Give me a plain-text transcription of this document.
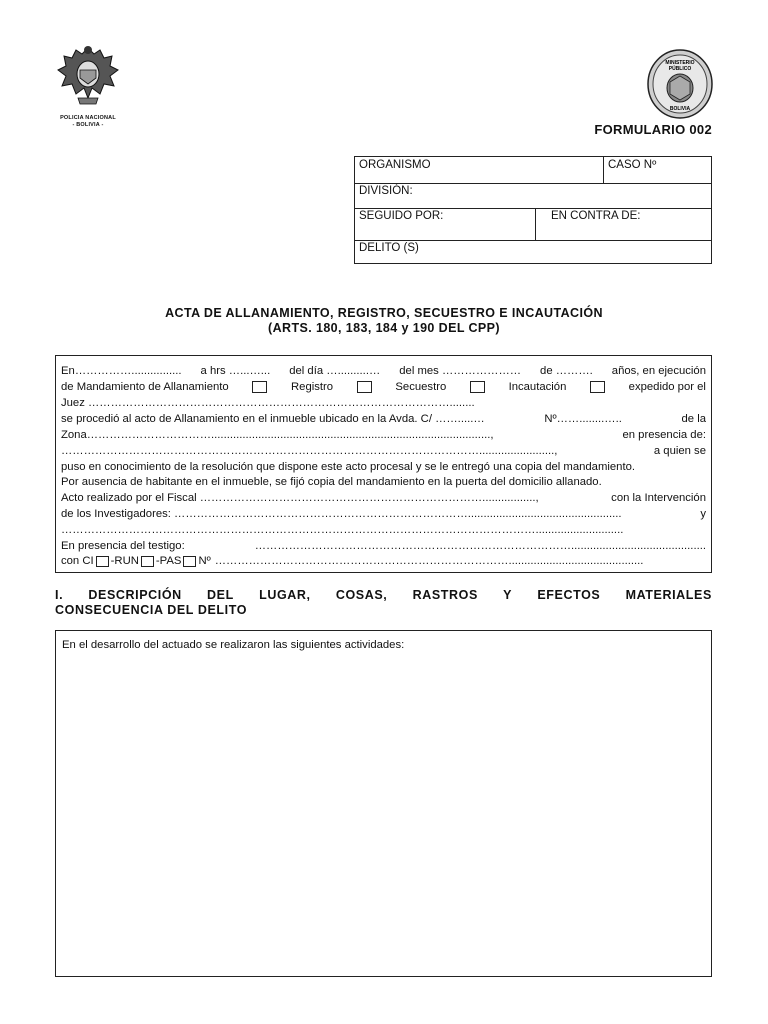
POLICIA NACIONAL
- BOLIVIA -
MINISTERIO
PÚBLICO
BOLIVIA
FORMULARIO 002
ORGANISMO	CASO Nº
DIVISIÓN:
SEGUIDO POR:	EN CONTRA DE:
DELITO (S)
ACTA DE ALLANAMIENTO, REGISTRO, SECUESTRO E INCAUTACIÓN
(ARTS. 180, 183, 184 y 190 DEL CPP)
En……………................ a hrs …...…... del día …..........… del mes ………………… de ………. años, en ejecución
de Mandamiento de Allanamiento	Registro	Secuestro	Incautación	expedido por el
Juez ……………………………………………………………………………………........
se procedió al acto de Allanamiento en el inmueble ubicado en la Avda. C/ …….....…	Nº……........…..	de la
Zona…………………………….........................................................................................,	en presencia de:
…………………………………………………………………………………………………........................,	a quien se
puso en conocimiento de la resolución que dispone este acto procesal y se le entregó una copia del mandamiento.
Por ausencia de habitante en el inmueble, se fijó copia del mandamiento en la puerta del domicilio allanado.
Acto realizado por el Fiscal ………………………………………………………………….................,	con la Intervención
de los Investigadores: …………………………………………………………………….................................................	y
………………………………………………………………………………………………………………............................
En presencia del testigo:	…………………………………………………………………………...........................................
con CI -RUN -PAS Nº ……………………………………………………………………...........................................
I. DESCRIPCIÓN DEL LUGAR, COSAS, RASTROS Y EFECTOS MATERIALES
CONSECUENCIA DEL DELITO
En el desarrollo del actuado se realizaron las siguientes actividades:
